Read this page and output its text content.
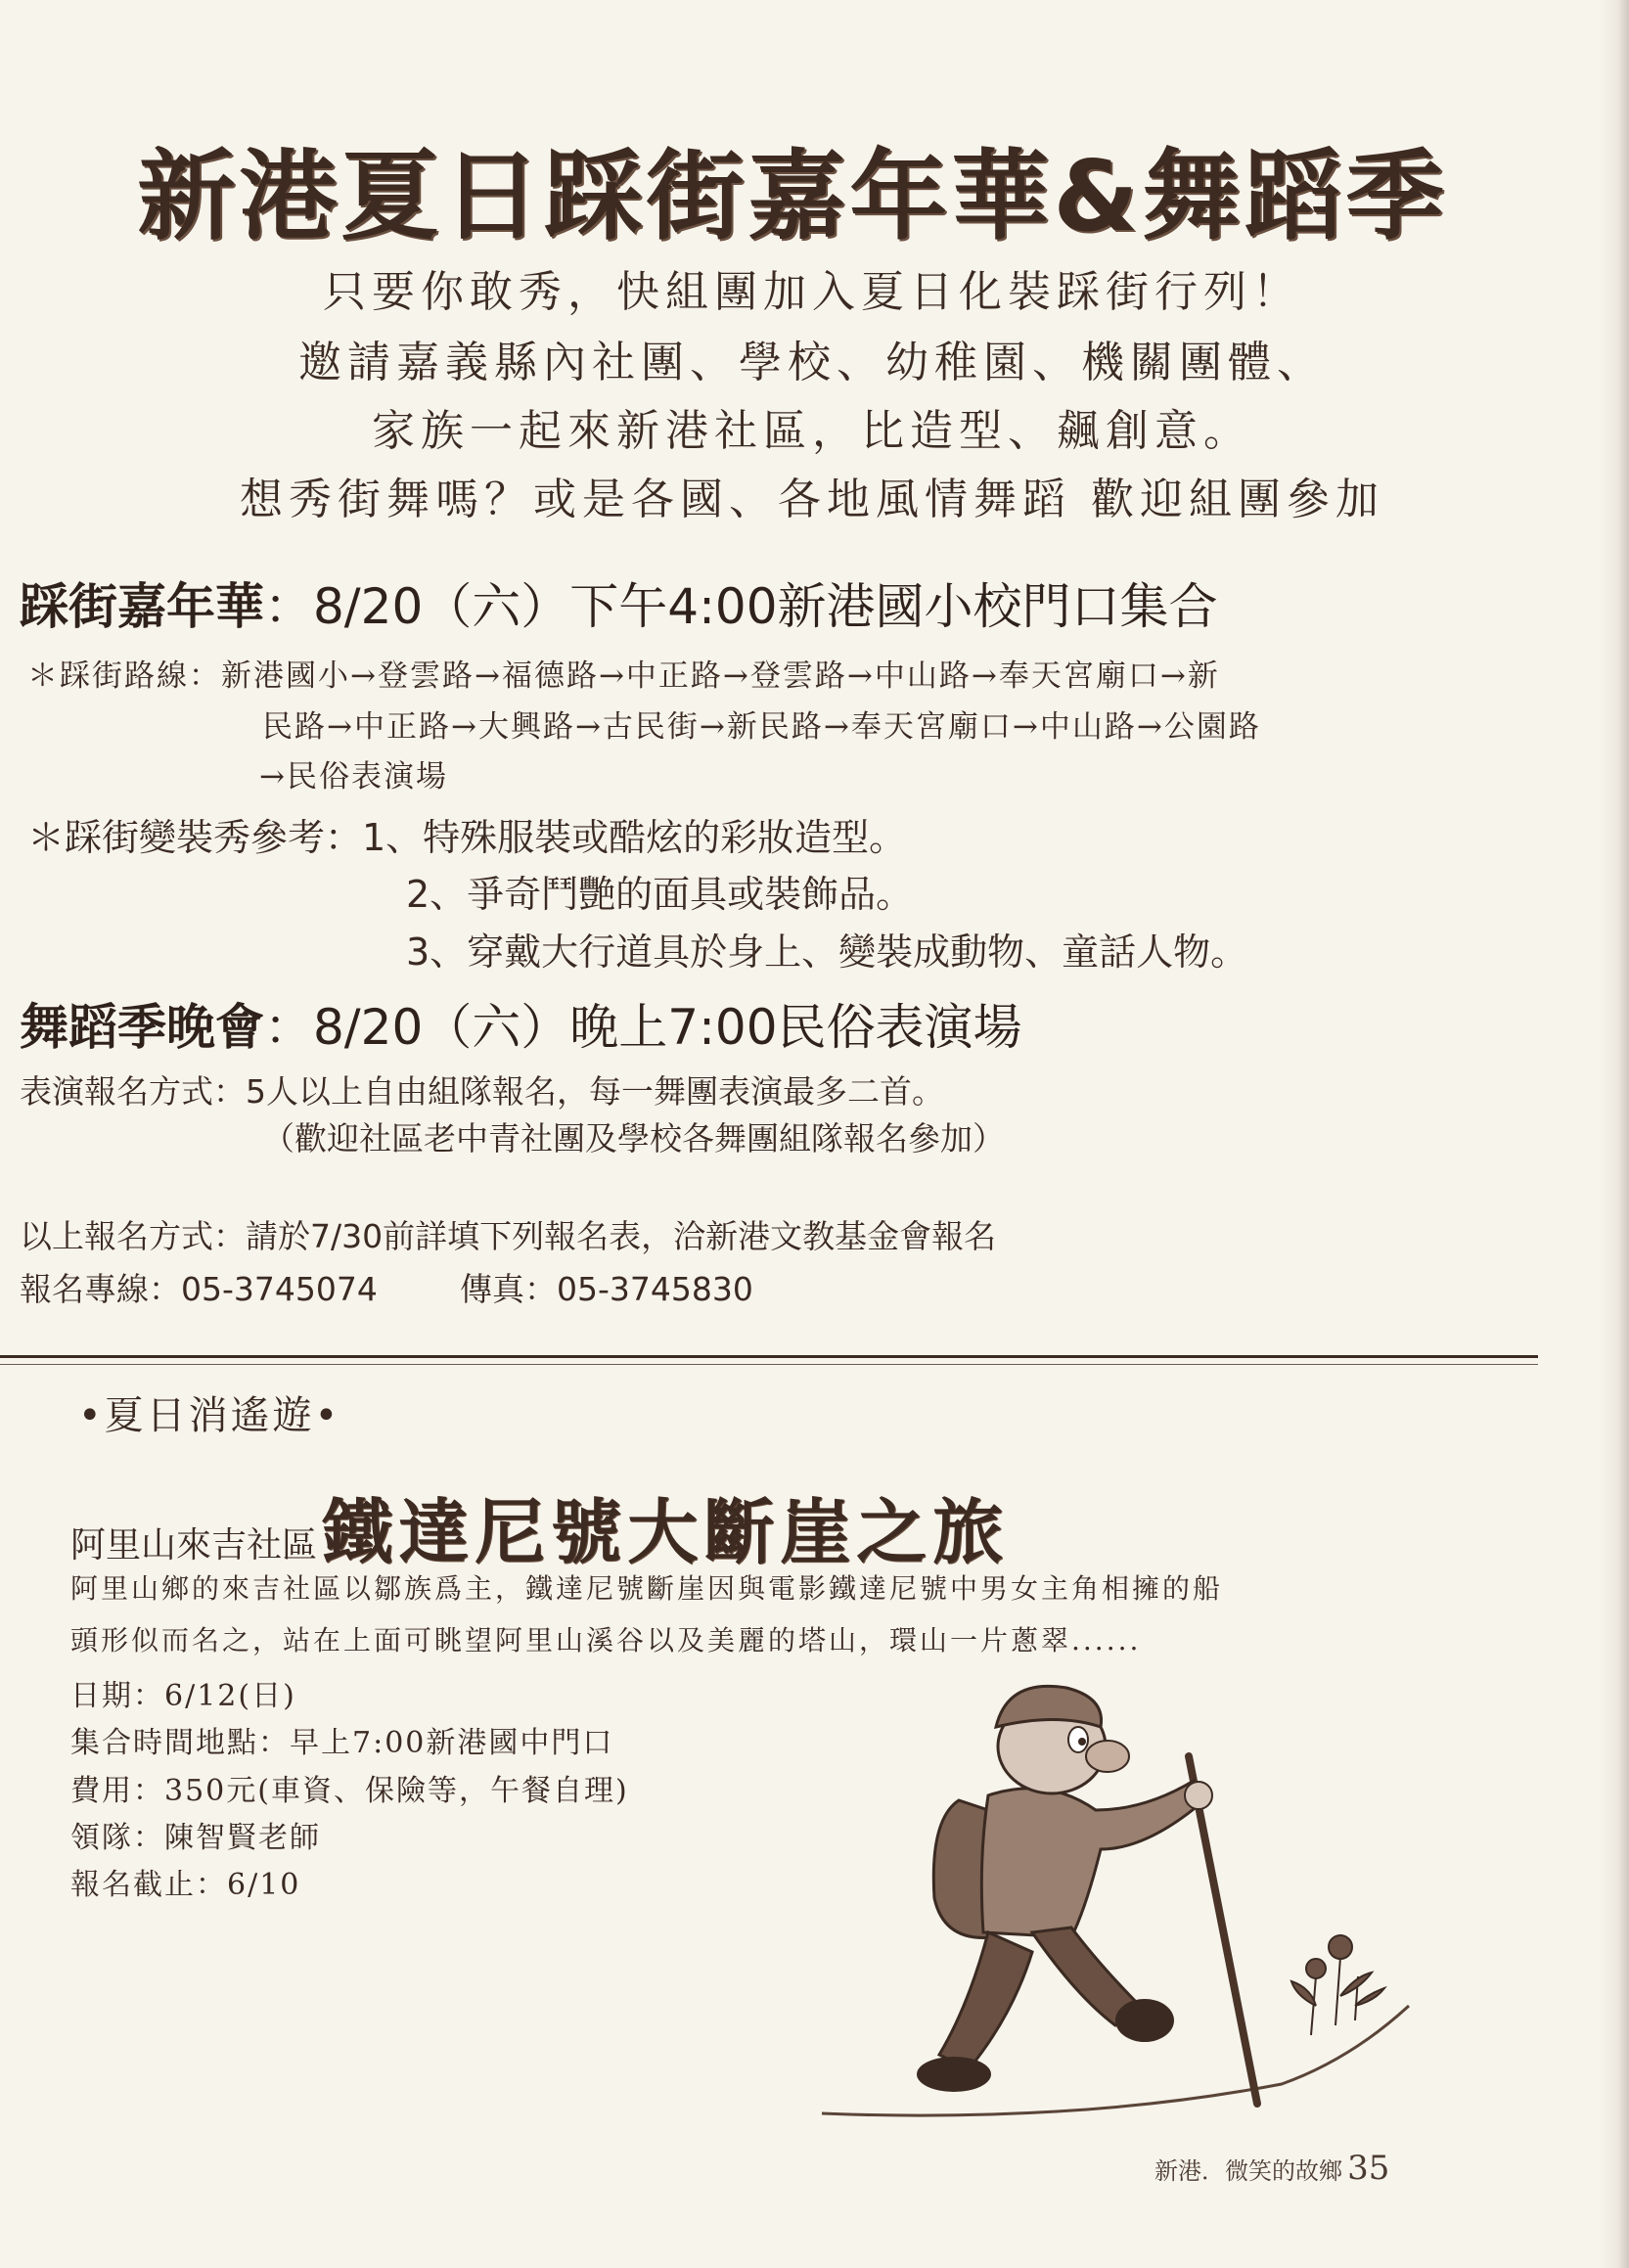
新港夏日踩街嘉年華&舞蹈季

只要你敢秀，快組團加入夏日化裝踩街行列！

邀請嘉義縣內社團、學校、幼稚園、機關團體、

家族一起來新港社區，比造型、飆創意。

想秀街舞嗎？或是各國、各地風情舞蹈 歡迎組團參加

踩街嘉年華：8/20（六）下午4:00新港國小校門口集合

＊踩街路線：新港國小→登雲路→福德路→中正路→登雲路→中山路→奉天宮廟口→新

民路→中正路→大興路→古民街→新民路→奉天宮廟口→中山路→公園路

→民俗表演場

＊踩街變裝秀參考：1、特殊服裝或酷炫的彩妝造型。

2、爭奇鬥艷的面具或裝飾品。

3、穿戴大行道具於身上、變裝成動物、童話人物。

舞蹈季晚會：8/20（六）晚上7:00民俗表演場

表演報名方式：5人以上自由組隊報名，每一舞團表演最多二首。

（歡迎社區老中青社團及學校各舞團組隊報名參加）

以上報名方式：請於7/30前詳填下列報名表，洽新港文教基金會報名

報名專線：05-3745074	傳真：05-3745830

•夏日消遙遊•

阿里山來吉社區 鐵達尼號大斷崖之旅

阿里山鄉的來吉社區以鄒族爲主，鐵達尼號斷崖因與電影鐵達尼號中男女主角相擁的船

頭形似而名之，站在上面可眺望阿里山溪谷以及美麗的塔山，環山一片蔥翠......

日期：6/12(日)

集合時間地點：早上7:00新港國中門口

費用：350元(車資、保險等，午餐自理)

領隊：陳智賢老師

報名截止：6/10

新港．微笑的故鄉 35
